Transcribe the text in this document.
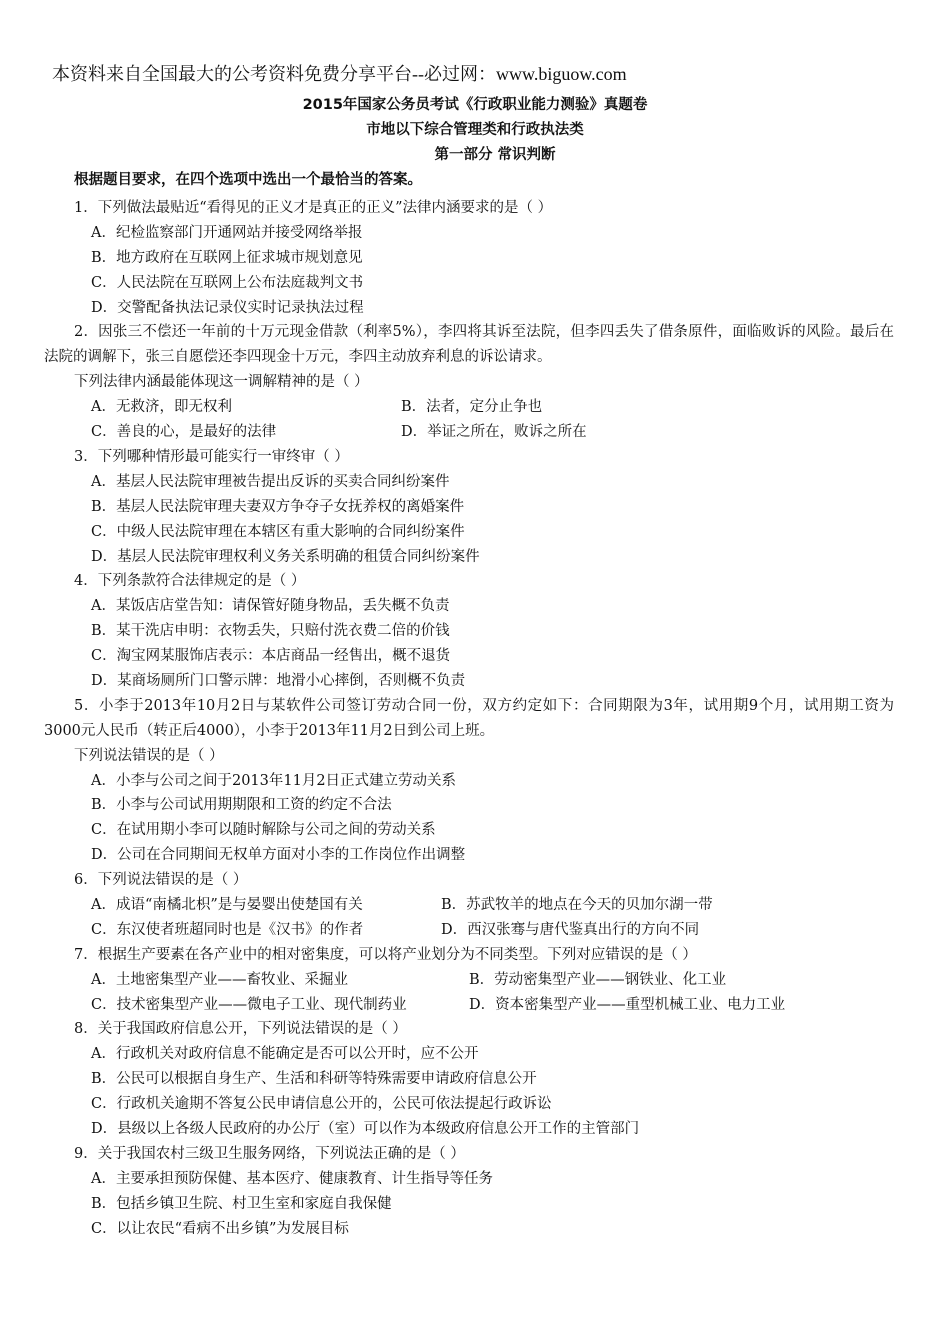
本资料来自全国最大的公考资料免费分享平台--必过网：www.biguow.com
2015年国家公务员考试《行政职业能力测验》真题卷
市地以下综合管理类和行政执法类
第一部分 常识判断
根据题目要求，在四个选项中选出一个最恰当的答案。
1．下列做法最贴近“看得见的正义才是真正的正义”法律内涵要求的是（ ）
A．纪检监察部门开通网站并接受网络举报
B．地方政府在互联网上征求城市规划意见
C．人民法院在互联网上公布法庭裁判文书
D．交警配备执法记录仪实时记录执法过程
2．因张三不偿还一年前的十万元现金借款（利率5%），李四将其诉至法院，但李四丢失了借条原件，面临败诉的风险。最后在法院的调解下，张三自愿偿还李四现金十万元，李四主动放弃利息的诉讼请求。
下列法律内涵最能体现这一调解精神的是（ ）
A．无救济，即无权利	B．法者，定分止争也
C．善良的心，是最好的法律	D．举证之所在，败诉之所在
3．下列哪种情形最可能实行一审终审（ ）
A．基层人民法院审理被告提出反诉的买卖合同纠纷案件
B．基层人民法院审理夫妻双方争夺子女抚养权的离婚案件
C．中级人民法院审理在本辖区有重大影响的合同纠纷案件
D．基层人民法院审理权利义务关系明确的租赁合同纠纷案件
4．下列条款符合法律规定的是（ ）
A．某饭店店堂告知：请保管好随身物品，丢失概不负责
B．某干洗店申明：衣物丢失，只赔付洗衣费二倍的价钱
C．淘宝网某服饰店表示：本店商品一经售出，概不退货
D．某商场厕所门口警示牌：地滑小心摔倒，否则概不负责
5．小李于2013年10月2日与某软件公司签订劳动合同一份，双方约定如下：合同期限为3年，试用期9个月，试用期工资为3000元人民币（转正后4000），小李于2013年11月2日到公司上班。
下列说法错误的是（ ）
A．小李与公司之间于2013年11月2日正式建立劳动关系
B．小李与公司试用期期限和工资的约定不合法
C．在试用期小李可以随时解除与公司之间的劳动关系
D．公司在合同期间无权单方面对小李的工作岗位作出调整
6．下列说法错误的是（ ）
A．成语“南橘北枳”是与晏婴出使楚国有关	B．苏武牧羊的地点在今天的贝加尔湖一带
C．东汉使者班超同时也是《汉书》的作者	D．西汉张骞与唐代鉴真出行的方向不同
7．根据生产要素在各产业中的相对密集度，可以将产业划分为不同类型。下列对应错误的是（ ）
A．土地密集型产业——畜牧业、采掘业	B．劳动密集型产业——钢铁业、化工业
C．技术密集型产业——微电子工业、现代制药业	D．资本密集型产业——重型机械工业、电力工业
8．关于我国政府信息公开，下列说法错误的是（ ）
A．行政机关对政府信息不能确定是否可以公开时，应不公开
B．公民可以根据自身生产、生活和科研等特殊需要申请政府信息公开
C．行政机关逾期不答复公民申请信息公开的，公民可依法提起行政诉讼
D．县级以上各级人民政府的办公厅（室）可以作为本级政府信息公开工作的主管部门
9．关于我国农村三级卫生服务网络，下列说法正确的是（ ）
A．主要承担预防保健、基本医疗、健康教育、计生指导等任务
B．包括乡镇卫生院、村卫生室和家庭自我保健
C．以让农民“看病不出乡镇”为发展目标
